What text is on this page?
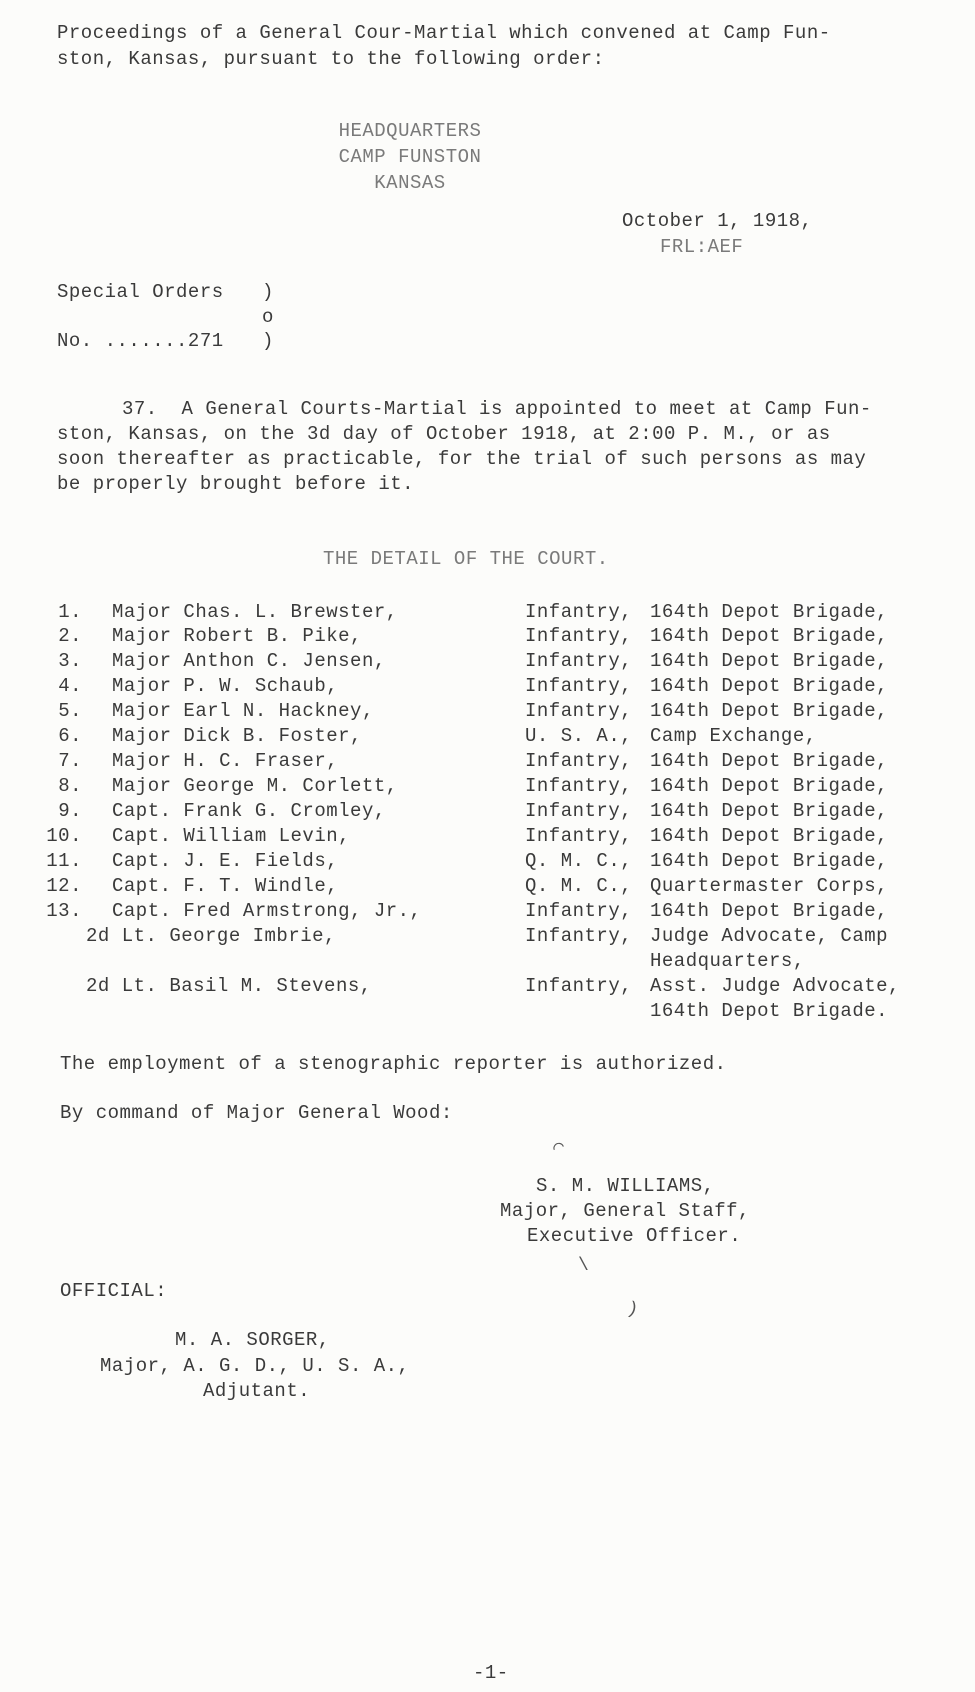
Proceedings of a General Cour-Martial which convened at Camp Fun-
ston, Kansas, pursuant to the following order:
HEADQUARTERS
CAMP FUNSTON
KANSAS
October 1, 1918,
FRL:AEF
Special Orders )
o
No. .......271 )
37.  A General Courts-Martial is appointed to meet at Camp Fun-
ston, Kansas, on the 3d day of October 1918, at 2:00 P. M., or as
soon thereafter as practicable, for the trial of such persons as may
be properly brought before it.
THE DETAIL OF THE COURT.
1. Major Chas. L. Brewster,	Infantry, 164th Depot Brigade,
2. Major Robert B. Pike,	Infantry, 164th Depot Brigade,
3. Major Anthon C. Jensen,	Infantry, 164th Depot Brigade,
4. Major P. W. Schaub,	Infantry, 164th Depot Brigade,
5. Major Earl N. Hackney,	Infantry, 164th Depot Brigade,
6. Major Dick B. Foster,	U. S. A., Camp Exchange,
7. Major H. C. Fraser,	Infantry, 164th Depot Brigade,
8. Major George M. Corlett,	Infantry, 164th Depot Brigade,
9. Capt. Frank G. Cromley,	Infantry, 164th Depot Brigade,
10. Capt. William Levin,	Infantry, 164th Depot Brigade,
11. Capt. J. E. Fields,	Q. M. C., 164th Depot Brigade,
12. Capt. F. T. Windle,	Q. M. C., Quartermaster Corps,
13. Capt. Fred Armstrong, Jr.,	Infantry, 164th Depot Brigade,
2d Lt. George Imbrie,	Infantry, Judge Advocate, Camp
Headquarters,
2d Lt. Basil M. Stevens,	Infantry, Asst. Judge Advocate,
164th Depot Brigade.
The employment of a stenographic reporter is authorized.
By command of Major General Wood:
⌒
\
)
S. M. WILLIAMS,
Major, General Staff,
Executive Officer.
OFFICIAL:
M. A. SORGER,
Major, A. G. D., U. S. A.,
Adjutant.
-1-
